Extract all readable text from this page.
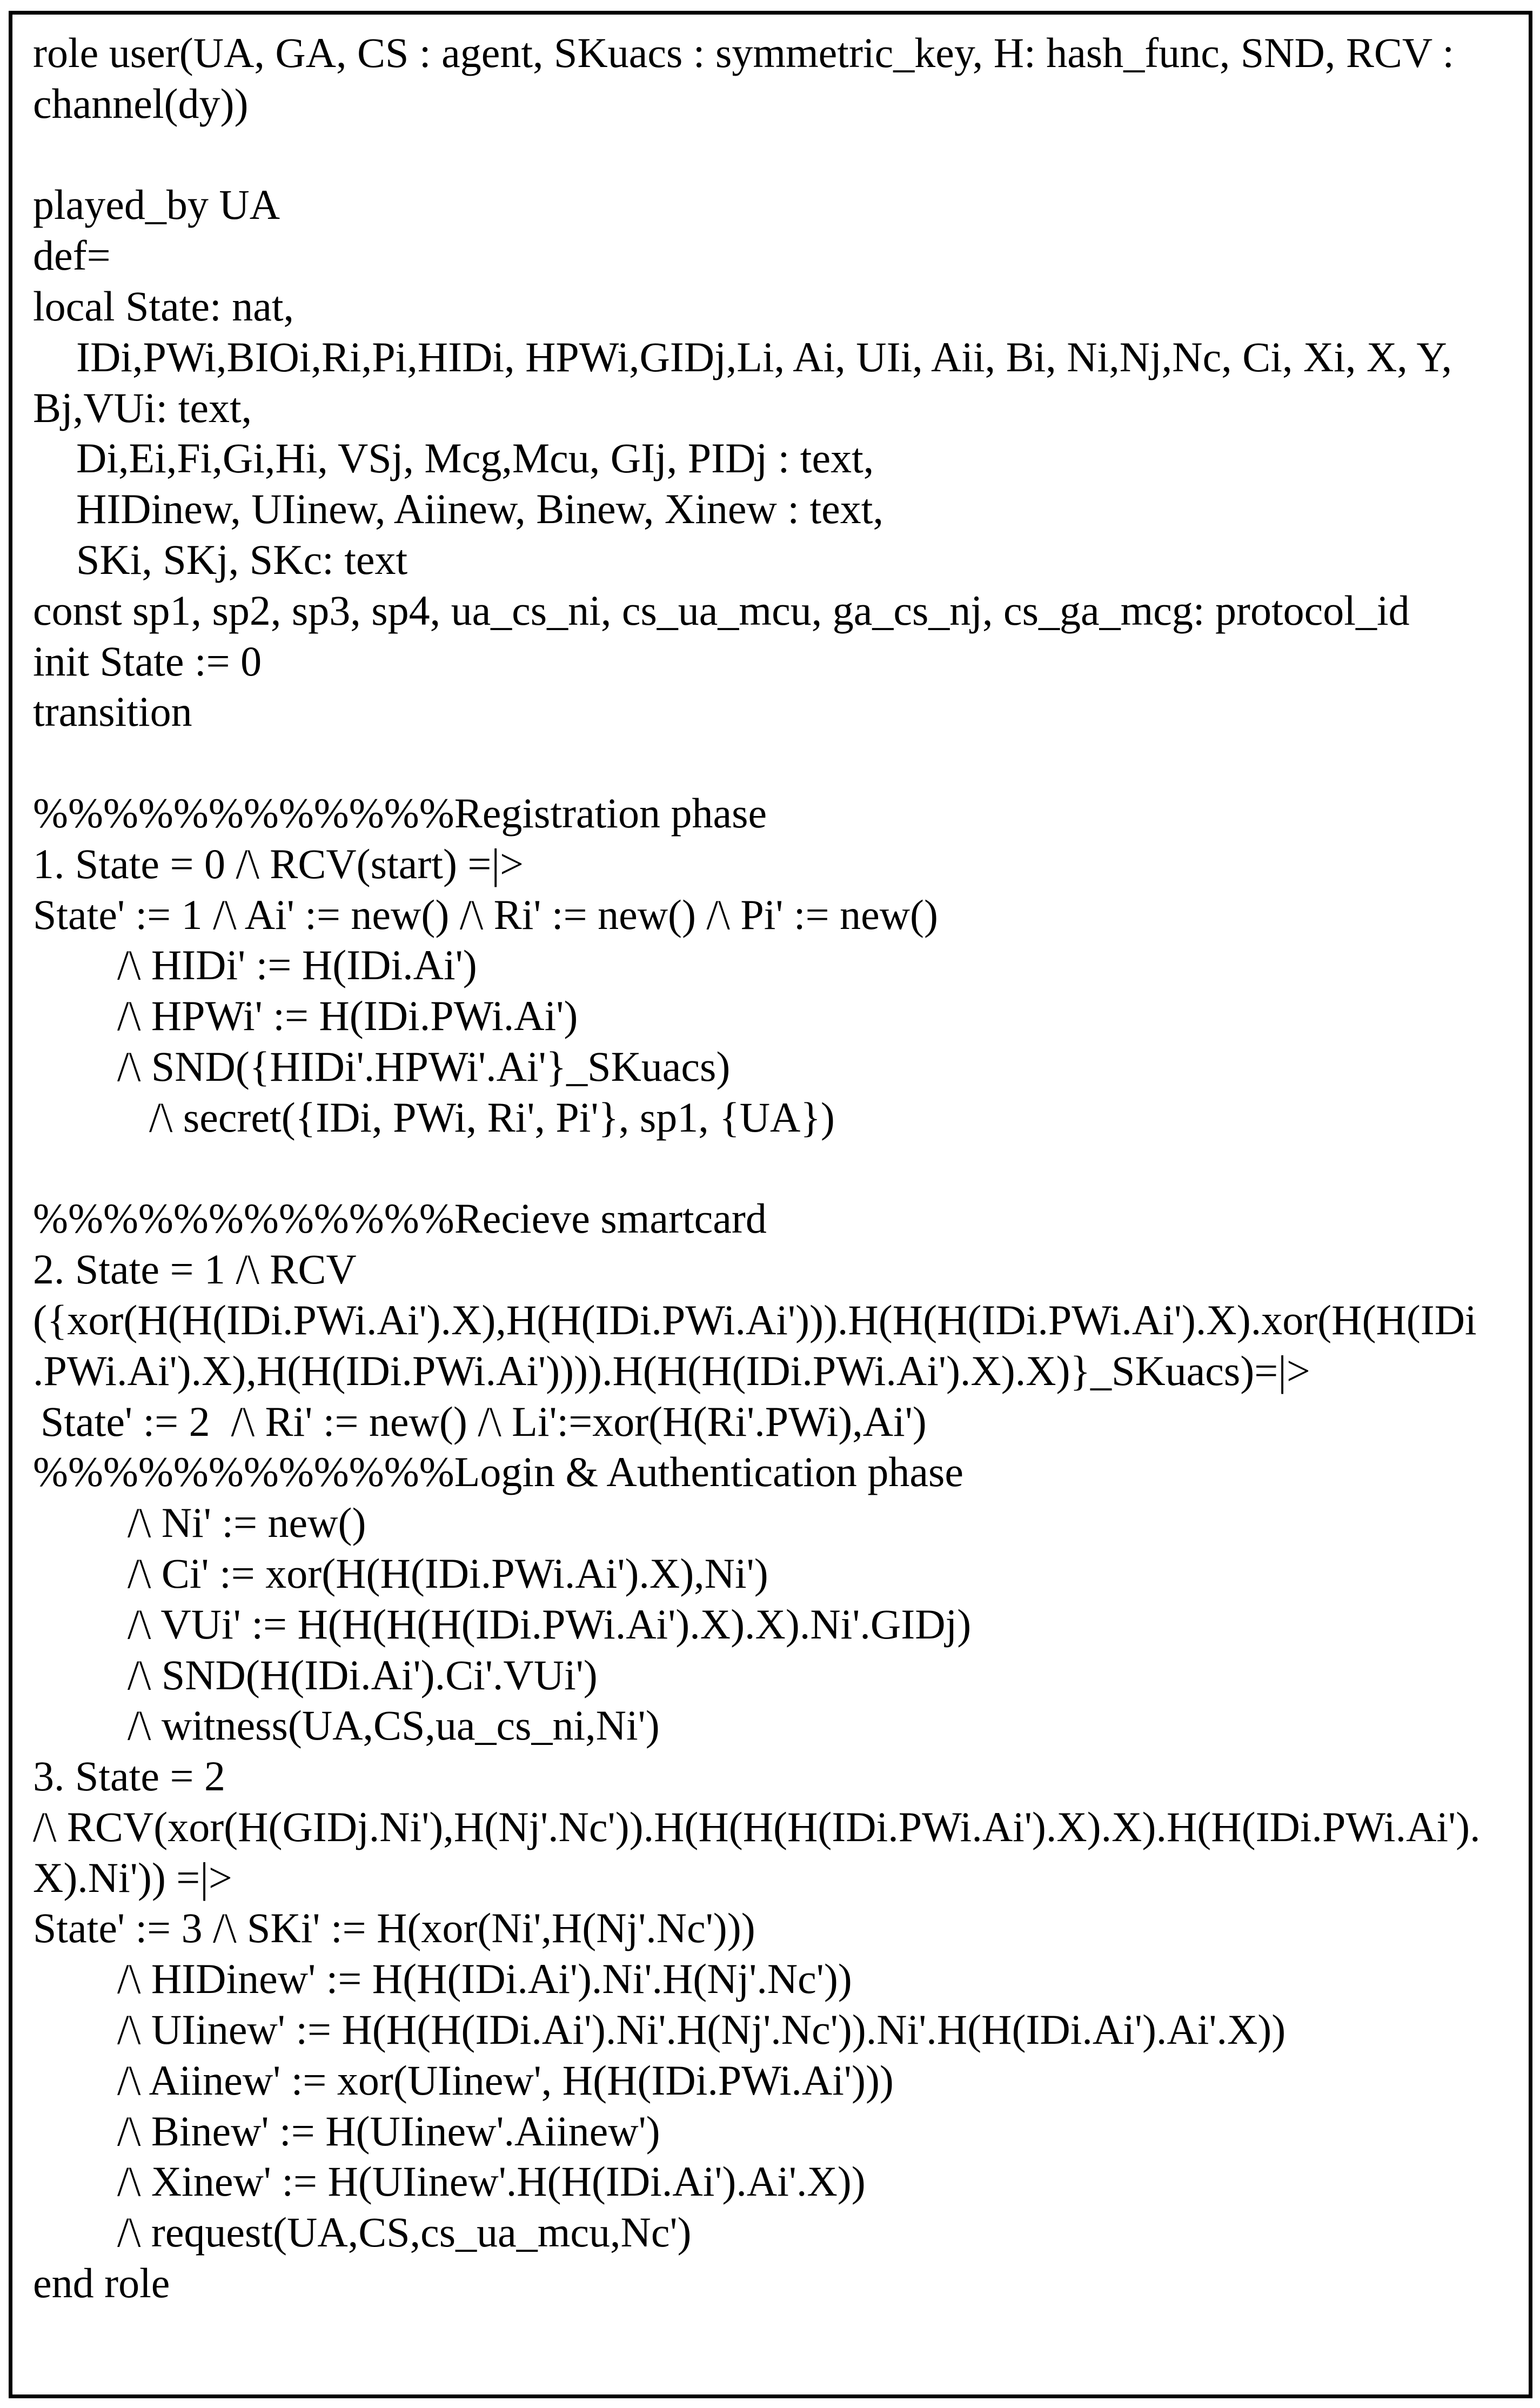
role user(UA, GA, CS : agent, SKuacs : symmetric_key, H: hash_func, SND, RCV :
channel(dy))
played_by UA
def=
local State: nat,
IDi,PWi,BIOi,Ri,Pi,HIDi, HPWi,GIDj,Li, Ai, UIi, Aii, Bi, Ni,Nj,Nc, Ci, Xi, X, Y,
Bj,VUi: text,
Di,Ei,Fi,Gi,Hi, VSj, Mcg,Mcu, GIj, PIDj : text,
HIDinew, UIinew, Aiinew, Binew, Xinew : text,
SKi, SKj, SKc: text
const sp1, sp2, sp3, sp4, ua_cs_ni, cs_ua_mcu, ga_cs_nj, cs_ga_mcg: protocol_id
init State := 0
transition
%%%%%%%%%%%%Registration phase
1. State = 0 /\ RCV(start) =|>
State' := 1 /\ Ai' := new() /\ Ri' := new() /\ Pi' := new()
/\ HIDi' := H(IDi.Ai')
/\ HPWi' := H(IDi.PWi.Ai')
/\ SND({HIDi'.HPWi'.Ai'}_SKuacs)
/\ secret({IDi, PWi, Ri', Pi'}, sp1, {UA})
%%%%%%%%%%%%Recieve smartcard
2. State = 1 /\ RCV
({xor(H(H(IDi.PWi.Ai').X),H(H(IDi.PWi.Ai'))).H(H(H(IDi.PWi.Ai').X).xor(H(H(IDi
.PWi.Ai').X),H(H(IDi.PWi.Ai')))).H(H(H(IDi.PWi.Ai').X).X)}_SKuacs)=|>
State' := 2  /\ Ri' := new() /\ Li':=xor(H(Ri'.PWi),Ai')
%%%%%%%%%%%%Login & Authentication phase
/\ Ni' := new()
/\ Ci' := xor(H(H(IDi.PWi.Ai').X),Ni')
/\ VUi' := H(H(H(H(IDi.PWi.Ai').X).X).Ni'.GIDj)
/\ SND(H(IDi.Ai').Ci'.VUi')
/\ witness(UA,CS,ua_cs_ni,Ni')
3. State = 2
/\ RCV(xor(H(GIDj.Ni'),H(Nj'.Nc')).H(H(H(H(IDi.PWi.Ai').X).X).H(H(IDi.PWi.Ai').
X).Ni')) =|>
State' := 3 /\ SKi' := H(xor(Ni',H(Nj'.Nc')))
/\ HIDinew' := H(H(IDi.Ai').Ni'.H(Nj'.Nc'))
/\ UIinew' := H(H(H(IDi.Ai').Ni'.H(Nj'.Nc')).Ni'.H(H(IDi.Ai').Ai'.X))
/\ Aiinew' := xor(UIinew', H(H(IDi.PWi.Ai')))
/\ Binew' := H(UIinew'.Aiinew')
/\ Xinew' := H(UIinew'.H(H(IDi.Ai').Ai'.X))
/\ request(UA,CS,cs_ua_mcu,Nc')
end role
